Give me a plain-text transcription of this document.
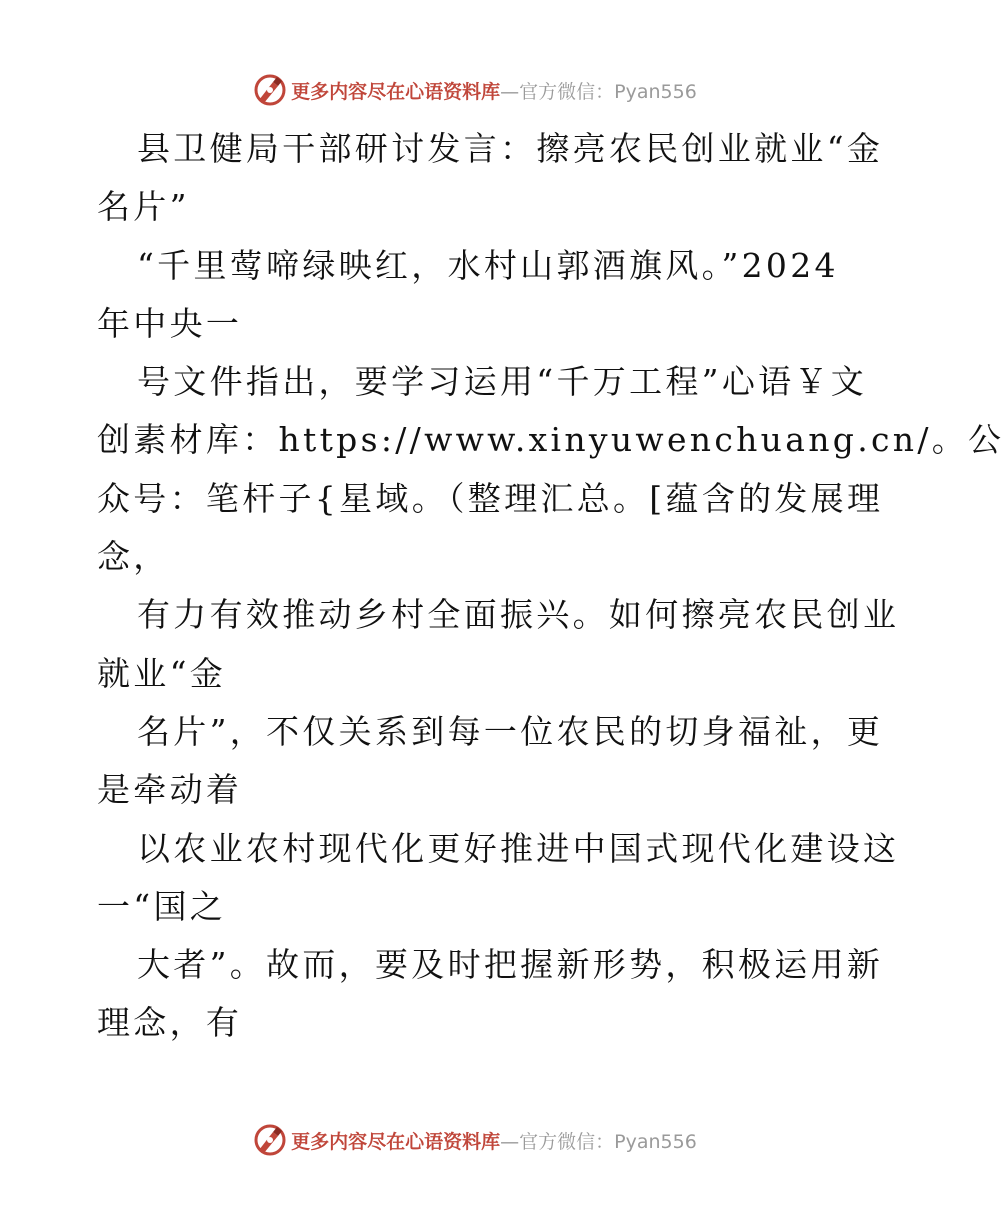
更多内容尽在心语资料库 —官方微信：Pyan556
县卫健局干部研讨发言：擦亮农民创业就业“金
名片”
“千里莺啼绿映红，水村山郭酒旗风。”2024
年中央一
号文件指出，要学习运用“千万工程”心语￥文
创素材库：https://www.xinyuwenchuang.cn/。公
众号：笔杆子{星域。（整理汇总。[蕴含的发展理
念，
有力有效推动乡村全面振兴。如何擦亮农民创业
就业“金
名片”，不仅关系到每一位农民的切身福祉，更
是牵动着
以农业农村现代化更好推进中国式现代化建设这
一“国之
大者”。故而，要及时把握新形势，积极运用新
理念，有
更多内容尽在心语资料库 —官方微信：Pyan556
